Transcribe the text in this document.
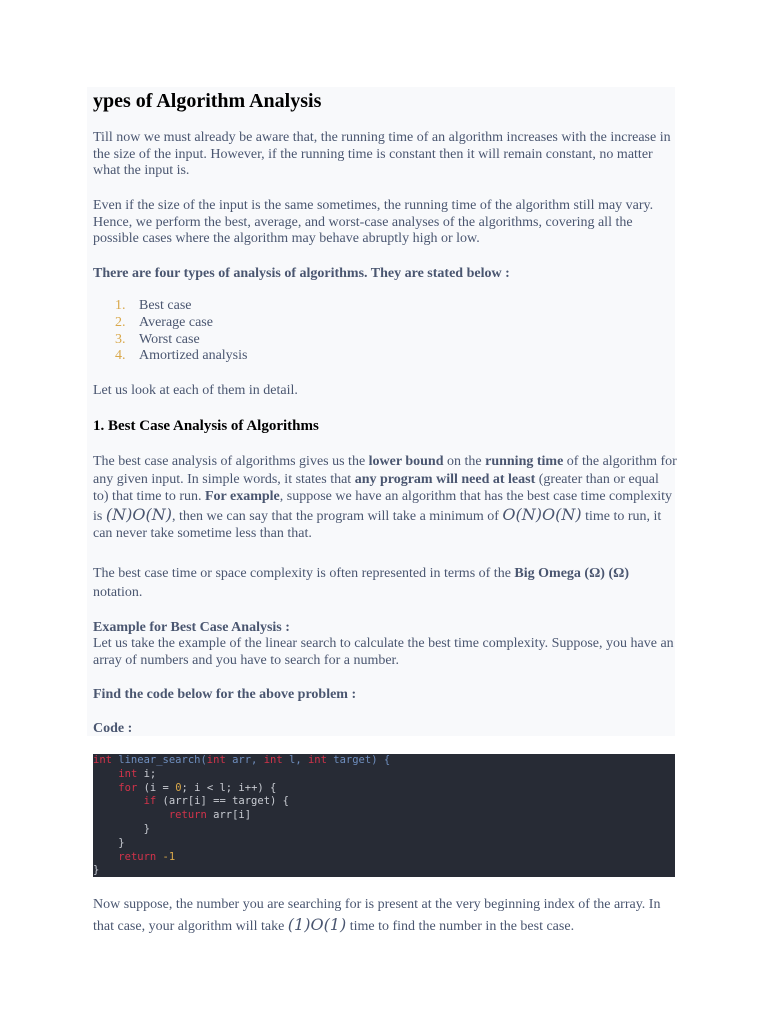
ypes of Algorithm Analysis

Till now we must already be aware that, the running time of an algorithm increases with the increase in the size of the input. However, if the running time is constant then it will remain constant, no matter what the input is.

Even if the size of the input is the same sometimes, the running time of the algorithm still may vary. Hence, we perform the best, average, and worst-case analyses of the algorithms, covering all the possible cases where the algorithm may behave abruptly high or low.

There are four types of analysis of algorithms. They are stated below :
1. Best case
2. Average case
3. Worst case
4. Amortized analysis

Let us look at each of them in detail.

1. Best Case Analysis of Algorithms

The best case analysis of algorithms gives us the lower bound on the running time of the algorithm for any given input. In simple words, it states that any program will need at least (greater than or equal to) that time to run. For example, suppose we have an algorithm that has the best case time complexity is (N)O(N), then we can say that the program will take a minimum of O(N)O(N) time to run, it can never take sometime less than that.

The best case time or space complexity is often represented in terms of the Big Omega (Ω) (Ω) notation.

Example for Best Case Analysis :

Let us take the example of the linear search to calculate the best time complexity. Suppose, you have an array of numbers and you have to search for a number.

Find the code below for the above problem :
Code :
int linear_search(int arr, int l, int target) {
int i;
for (i = 0; i < l; i++) {
if (arr[i] == target) {
return arr[i]
}
}
return -1
}

Now suppose, the number you are searching for is present at the very beginning index of the array. In that case, your algorithm will take (1)O(1) time to find the number in the best case.
